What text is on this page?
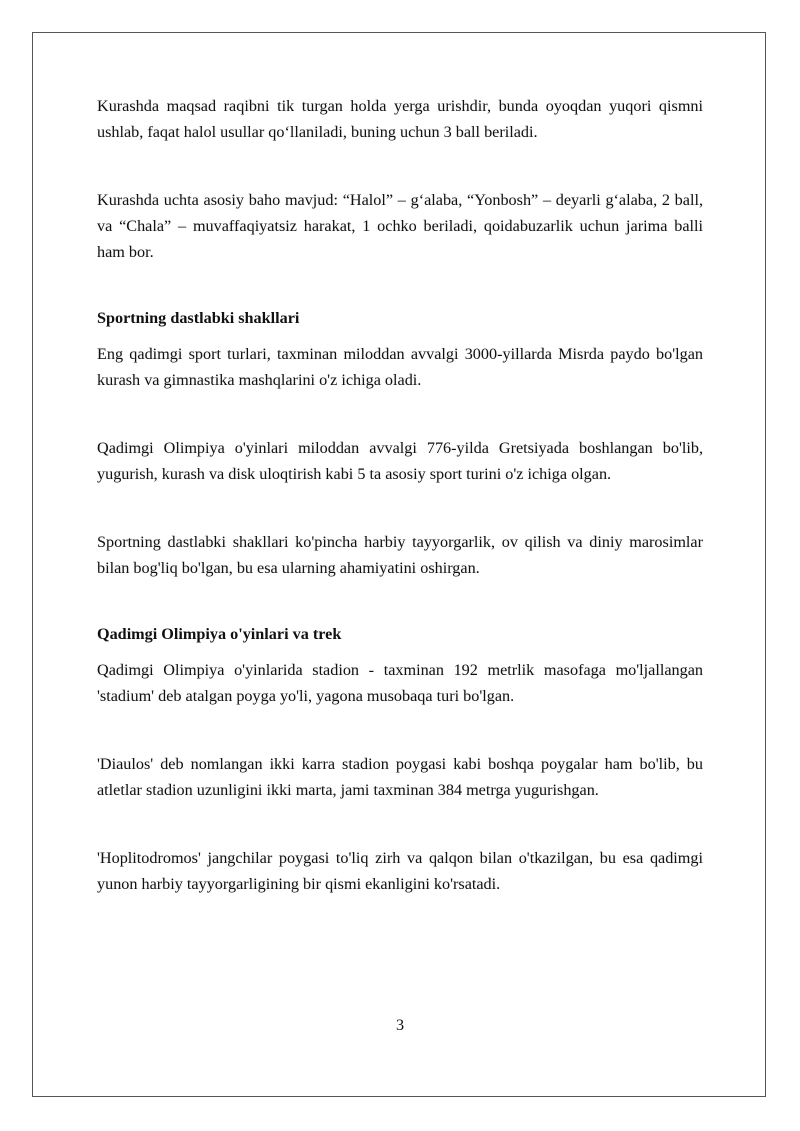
Kurashda maqsad raqibni tik turgan holda yerga urishdir, bunda oyoqdan yuqori qismni ushlab, faqat halol usullar qo‘llaniladi, buning uchun 3 ball beriladi.

Kurashda uchta asosiy baho mavjud: “Halol” – g‘alaba, “Yonbosh” – deyarli g‘alaba, 2 ball, va “Chala” – muvaffaqiyatsiz harakat, 1 ochko beriladi, qoidabuzarlik uchun jarima balli ham bor.

Sportning dastlabki shakllari

Eng qadimgi sport turlari, taxminan miloddan avvalgi 3000-yillarda Misrda paydo bo'lgan kurash va gimnastika mashqlarini o'z ichiga oladi.

Qadimgi Olimpiya o'yinlari miloddan avvalgi 776-yilda Gretsiyada boshlangan bo'lib, yugurish, kurash va disk uloqtirish kabi 5 ta asosiy sport turini o'z ichiga olgan.

Sportning dastlabki shakllari ko'pincha harbiy tayyorgarlik, ov qilish va diniy marosimlar bilan bog'liq bo'lgan, bu esa ularning ahamiyatini oshirgan.

Qadimgi Olimpiya o'yinlari va trek

Qadimgi Olimpiya o'yinlarida stadion - taxminan 192 metrlik masofaga mo'ljallangan 'stadium' deb atalgan poyga yo'li, yagona musobaqa turi bo'lgan.

'Diaulos' deb nomlangan ikki karra stadion poygasi kabi boshqa poygalar ham bo'lib, bu atletlar stadion uzunligini ikki marta, jami taxminan 384 metrga yugurishgan.

'Hoplitodromos' jangchilar poygasi to'liq zirh va qalqon bilan o'tkazilgan, bu esa qadimgi yunon harbiy tayyorgarligining bir qismi ekanligini ko'rsatadi.

3
